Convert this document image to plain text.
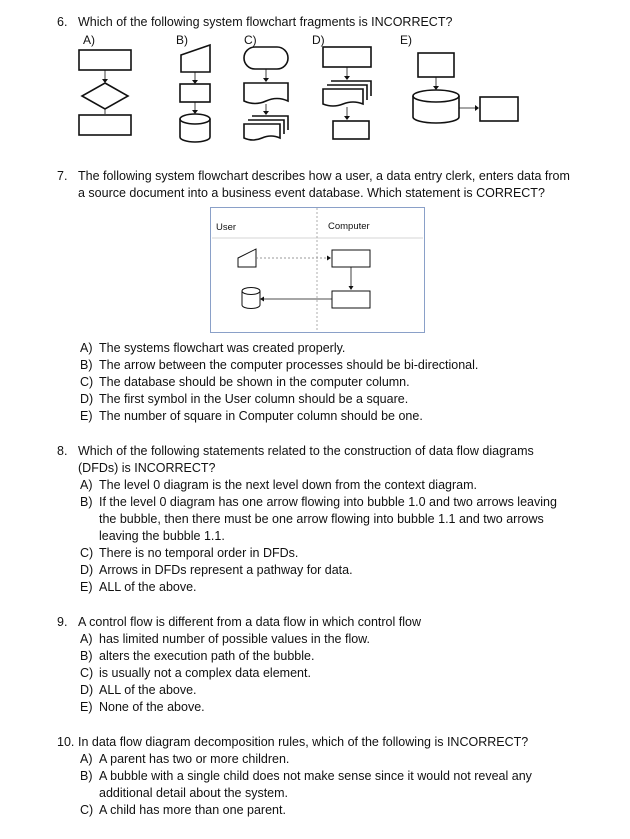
6. Which of the following system flowchart fragments is INCORRECT?
A)	B)	C)	D)	E)
7. The following system flowchart describes how a user, a data entry clerk, enters data from
a source document into a business event database. Which statement is CORRECT?
User	Computer
A) The systems flowchart was created properly.
B) The arrow between the computer processes should be bi-directional.
C) The database should be shown in the computer column.
D) The first symbol in the User column should be a square.
E) The number of square in Computer column should be one.
8. Which of the following statements related to the construction of data flow diagrams
(DFDs) is INCORRECT?
A) The level 0 diagram is the next level down from the context diagram.
B) If the level 0 diagram has one arrow flowing into bubble 1.0 and two arrows leaving
the bubble, then there must be one arrow flowing into bubble 1.1 and two arrows
leaving the bubble 1.1.
C) There is no temporal order in DFDs.
D) Arrows in DFDs represent a pathway for data.
E) ALL of the above.
9. A control flow is different from a data flow in which control flow
A) has limited number of possible values in the flow.
B) alters the execution path of the bubble.
C) is usually not a complex data element.
D) ALL of the above.
E) None of the above.
10. In data flow diagram decomposition rules, which of the following is INCORRECT?
A) A parent has two or more children.
B) A bubble with a single child does not make sense since it would not reveal any
additional detail about the system.
C) A child has more than one parent.
